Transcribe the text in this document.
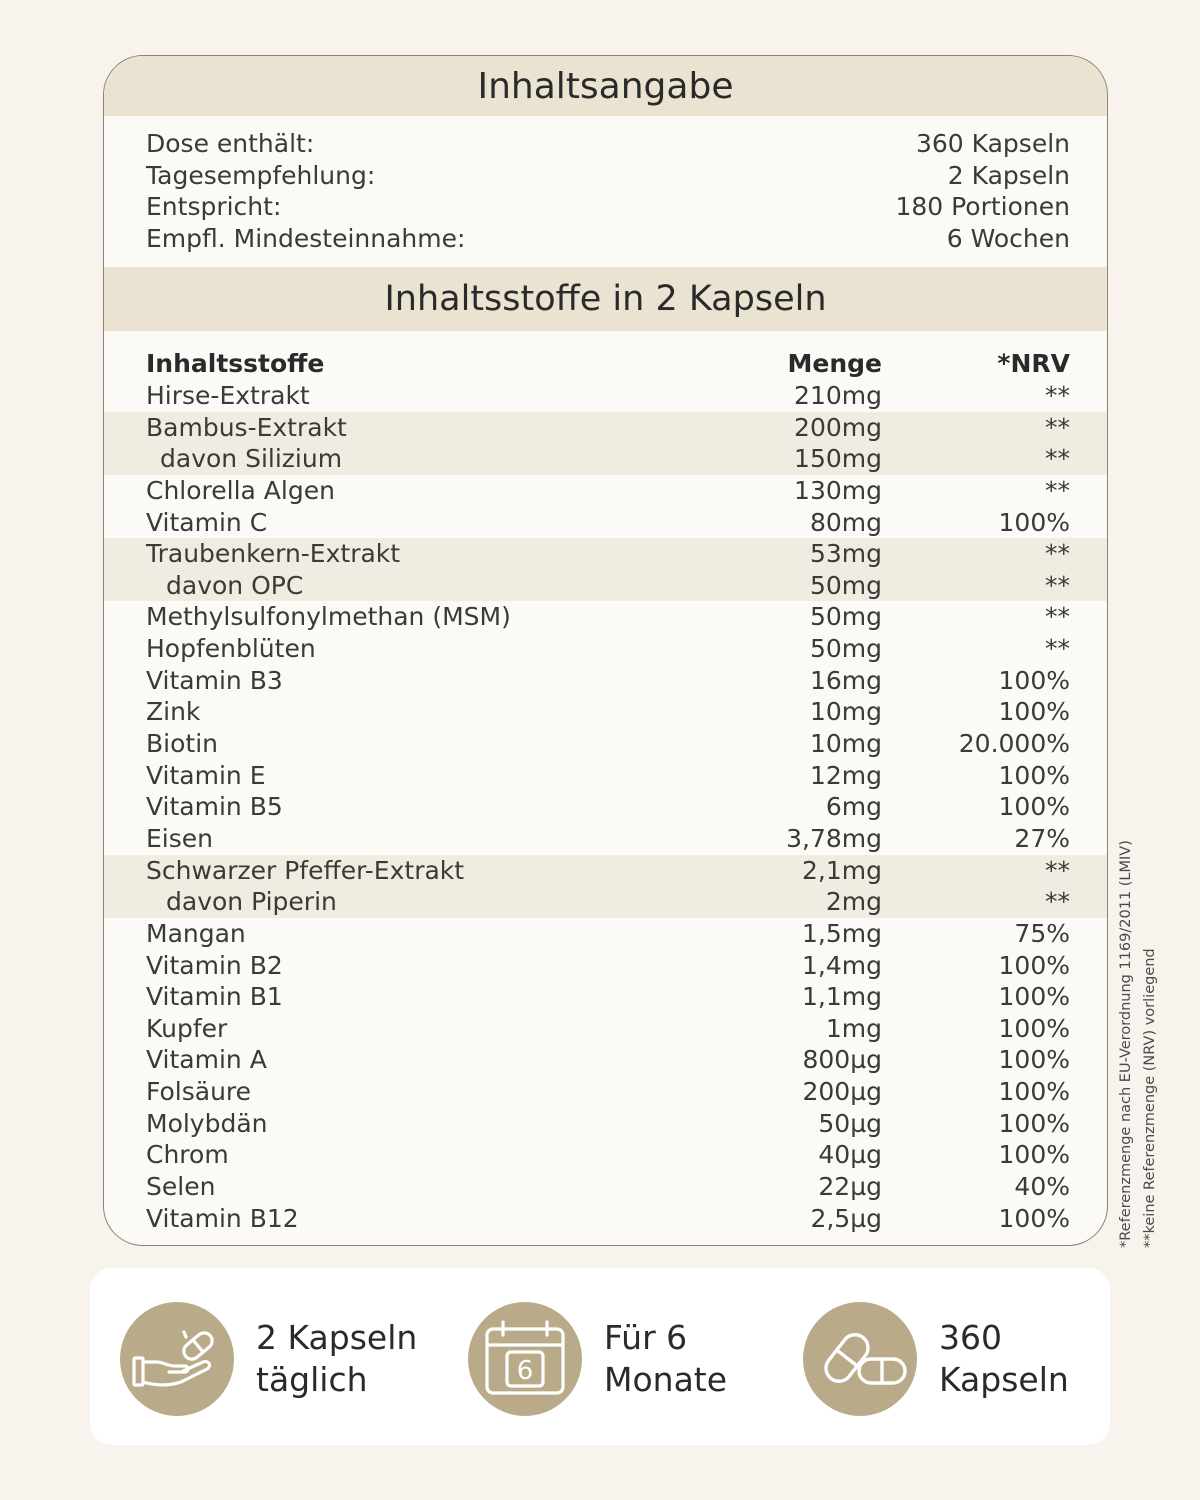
Inhaltsangabe
Dose enthält:	360 Kapseln
Tagesempfehlung:	2 Kapseln
Entspricht:	180 Portionen
Empfl. Mindesteinnahme:	6 Wochen
Inhaltsstoffe in 2 Kapseln
Inhaltsstoffe	Menge	*NRV
Hirse-Extrakt	210mg	**
Bambus-Extrakt	200mg	**
davon Silizium	150mg	**
Chlorella Algen	130mg	**
Vitamin C	80mg	100%
Traubenkern-Extrakt	53mg	**
davon OPC	50mg	**
Methylsulfonylmethan (MSM)	50mg	**
Hopfenblüten	50mg	**
Vitamin B3	16mg	100%
Zink	10mg	100%
Biotin	10mg	20.000%
Vitamin E	12mg	100%
Vitamin B5	6mg	100%
Eisen	3,78mg	27%
Schwarzer Pfeffer-Extrakt	2,1mg	**
davon Piperin	2mg	**
Mangan	1,5mg	75%
Vitamin B2	1,4mg	100%
Vitamin B1	1,1mg	100%
Kupfer	1mg	100%
Vitamin A	800µg	100%
Folsäure	200µg	100%
Molybdän	50µg	100%
Chrom	40µg	100%
Selen	22µg	40%
Vitamin B12	2,5µg	100%	*Referenzmenge nach EU-Verordnung 1169/2011 (LMIV) **keine Referenzmenge (NRV) vorliegend
2 Kapseln
täglich	6
Für 6
Monate
360
Kapseln
